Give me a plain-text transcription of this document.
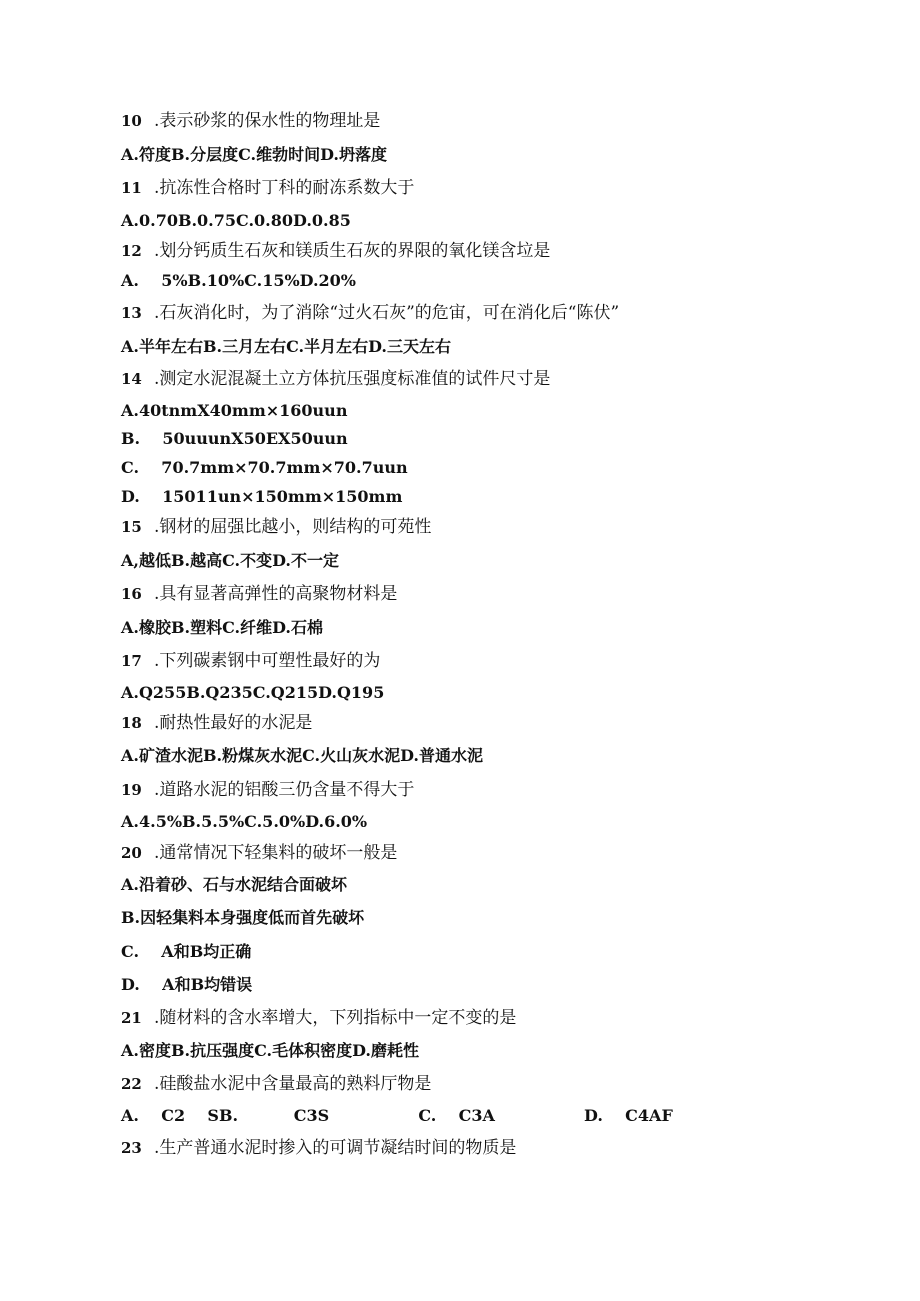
10 .表示砂浆的保水性的物理址是
A.符度B.分层度C.维勃时间D.坍落度
11 .抗冻性合格时丁科的耐冻系数大于
A.0.70B.0.75C.0.80D.0.85
12 .划分钙质生石灰和镁质生石灰的界限的氧化镁含垃是
A.    5%B.10%C.15%D.20%
13 .石灰消化时，为了消除“过火石灰”的危宙，可在消化后“陈伏”
A.半年左右B.三月左右C.半月左右D.三天左右
14 .测定水泥混凝土立方体抗压强度标准值的试件尺寸是
A.40tnmX40mm×160uun
B.    50uuunX50EX50uun
C.    70.7mm×70.7mm×70.7uun
D.    15011un×150mm×150mm
15 .钢材的屈强比越小，则结构的可苑性
A,越低B.越高C.不变D.不一定
16 .具有显著高弹性的高聚物材料是
A.橡胶B.塑料C.纤维D.石棉
17 .下列碳素钢中可塑性最好的为
A.Q255B.Q235C.Q215D.Q195
18 .耐热性最好的水泥是
A.矿渣水泥B.粉煤灰水泥C.火山灰水泥D.普通水泥
19 .道路水泥的铝酸三仍含量不得大于
A.4.5%B.5.5%C.5.0%D.6.0%
20 .通常情况下轻集料的破坏一般是
A.沿着砂、石与水泥结合面破坏
B.因轻集料本身强度低而首先破坏
C.    A和B均正确
D.    A和B均错误
21 .随材料的含水率增大，下列指标中一定不变的是
A.密度B.抗压强度C.毛体积密度D.磨耗性
22 .硅酸盐水泥中含量最高的熟料厅物是
A.    C2    SB.          C3S                C.    C3A                D.    C4AF
23 .生产普通水泥时掺入的可调节凝结时间的物质是
